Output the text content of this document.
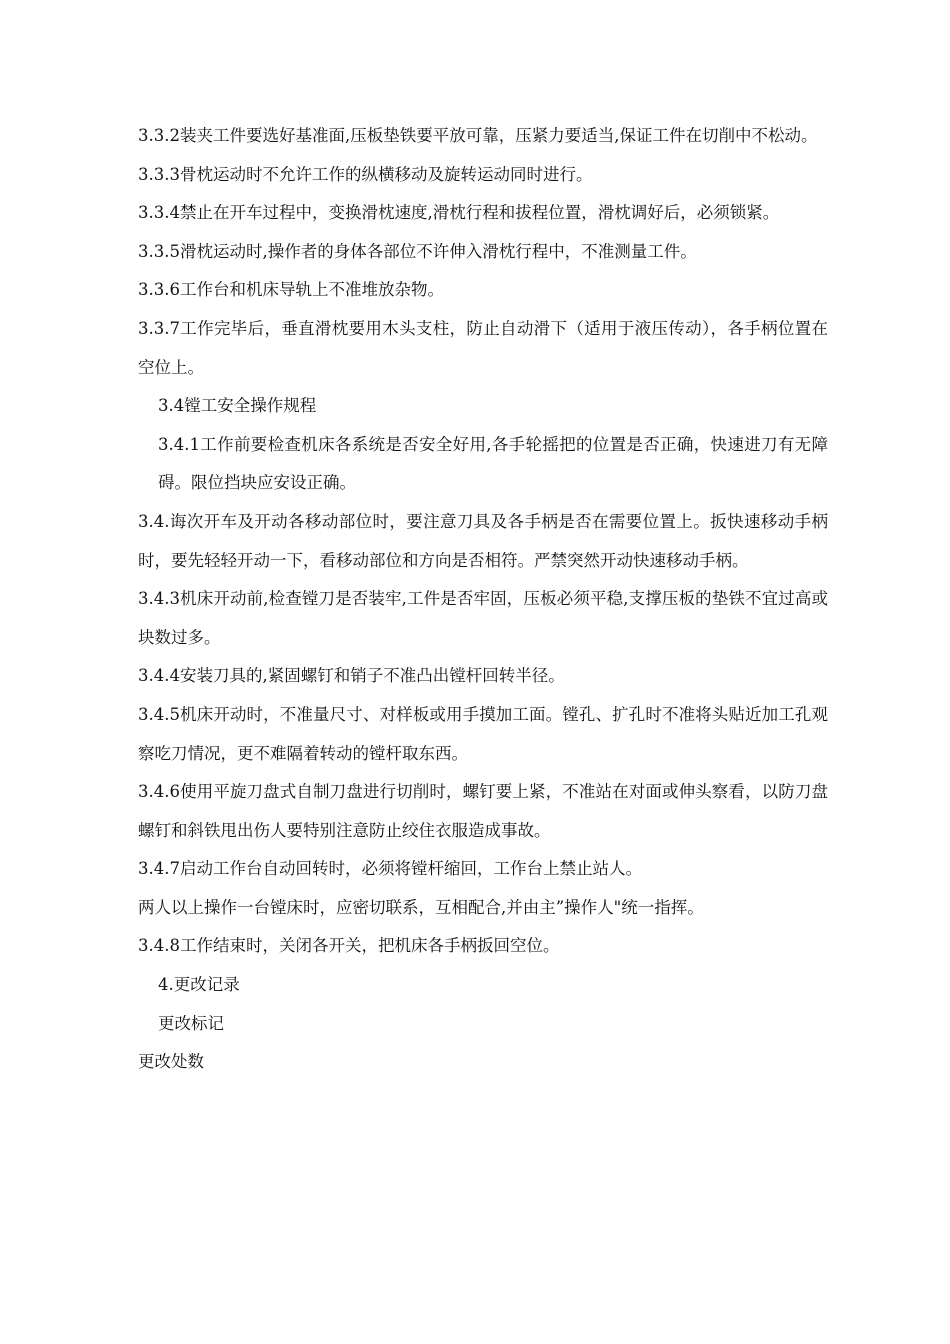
3.3.2装夹工件要选好基准面,压板垫铁要平放可靠，压紧力要适当,保证工件在切削中不松动。

3.3.3骨枕运动时不允许工作的纵横移动及旋转运动同时进行。

3.3.4禁止在开车过程中，变换滑枕速度,滑枕行程和拔程位置，滑枕调好后，必须锁紧。

3.3.5滑枕运动时,操作者的身体各部位不许伸入滑枕行程中，不准测量工件。

3.3.6工作台和机床导轨上不准堆放杂物。

3.3.7工作完毕后，垂直滑枕要用木头支柱，防止自动滑下（适用于液压传动），各手柄位置在空位上。

3.4镗工安全操作规程

3.4.1工作前要检查机床各系统是否安全好用,各手轮摇把的位置是否正确，快速进刀有无障碍。限位挡块应安设正确。

3.4.诲次开车及开动各移动部位时，要注意刀具及各手柄是否在需要位置上。扳快速移动手柄时，要先轻轻开动一下，看移动部位和方向是否相符。严禁突然开动快速移动手柄。

3.4.3机床开动前,检查镗刀是否装牢,工件是否牢固，压板必须平稳,支撑压板的垫铁不宜过高或块数过多。

3.4.4安装刀具的,紧固螺钉和销子不准凸出镗杆回转半径。

3.4.5机床开动时，不准量尺寸、对样板或用手摸加工面。镗孔、扩孔时不准将头贴近加工孔观察吃刀情况，更不难隔着转动的镗杆取东西。

3.4.6使用平旋刀盘式自制刀盘进行切削时，螺钉要上紧，不准站在对面或伸头察看，以防刀盘螺钉和斜铁甩出伤人要特别注意防止绞住衣服造成事故。

3.4.7启动工作台自动回转时，必须将镗杆缩回，工作台上禁止站人。

两人以上操作一台镗床时，应密切联系，互相配合,并由主”操作人"统一指挥。

3.4.8工作结束时，关闭各开关，把机床各手柄扳回空位。

4.更改记录

更改标记

更改处数
